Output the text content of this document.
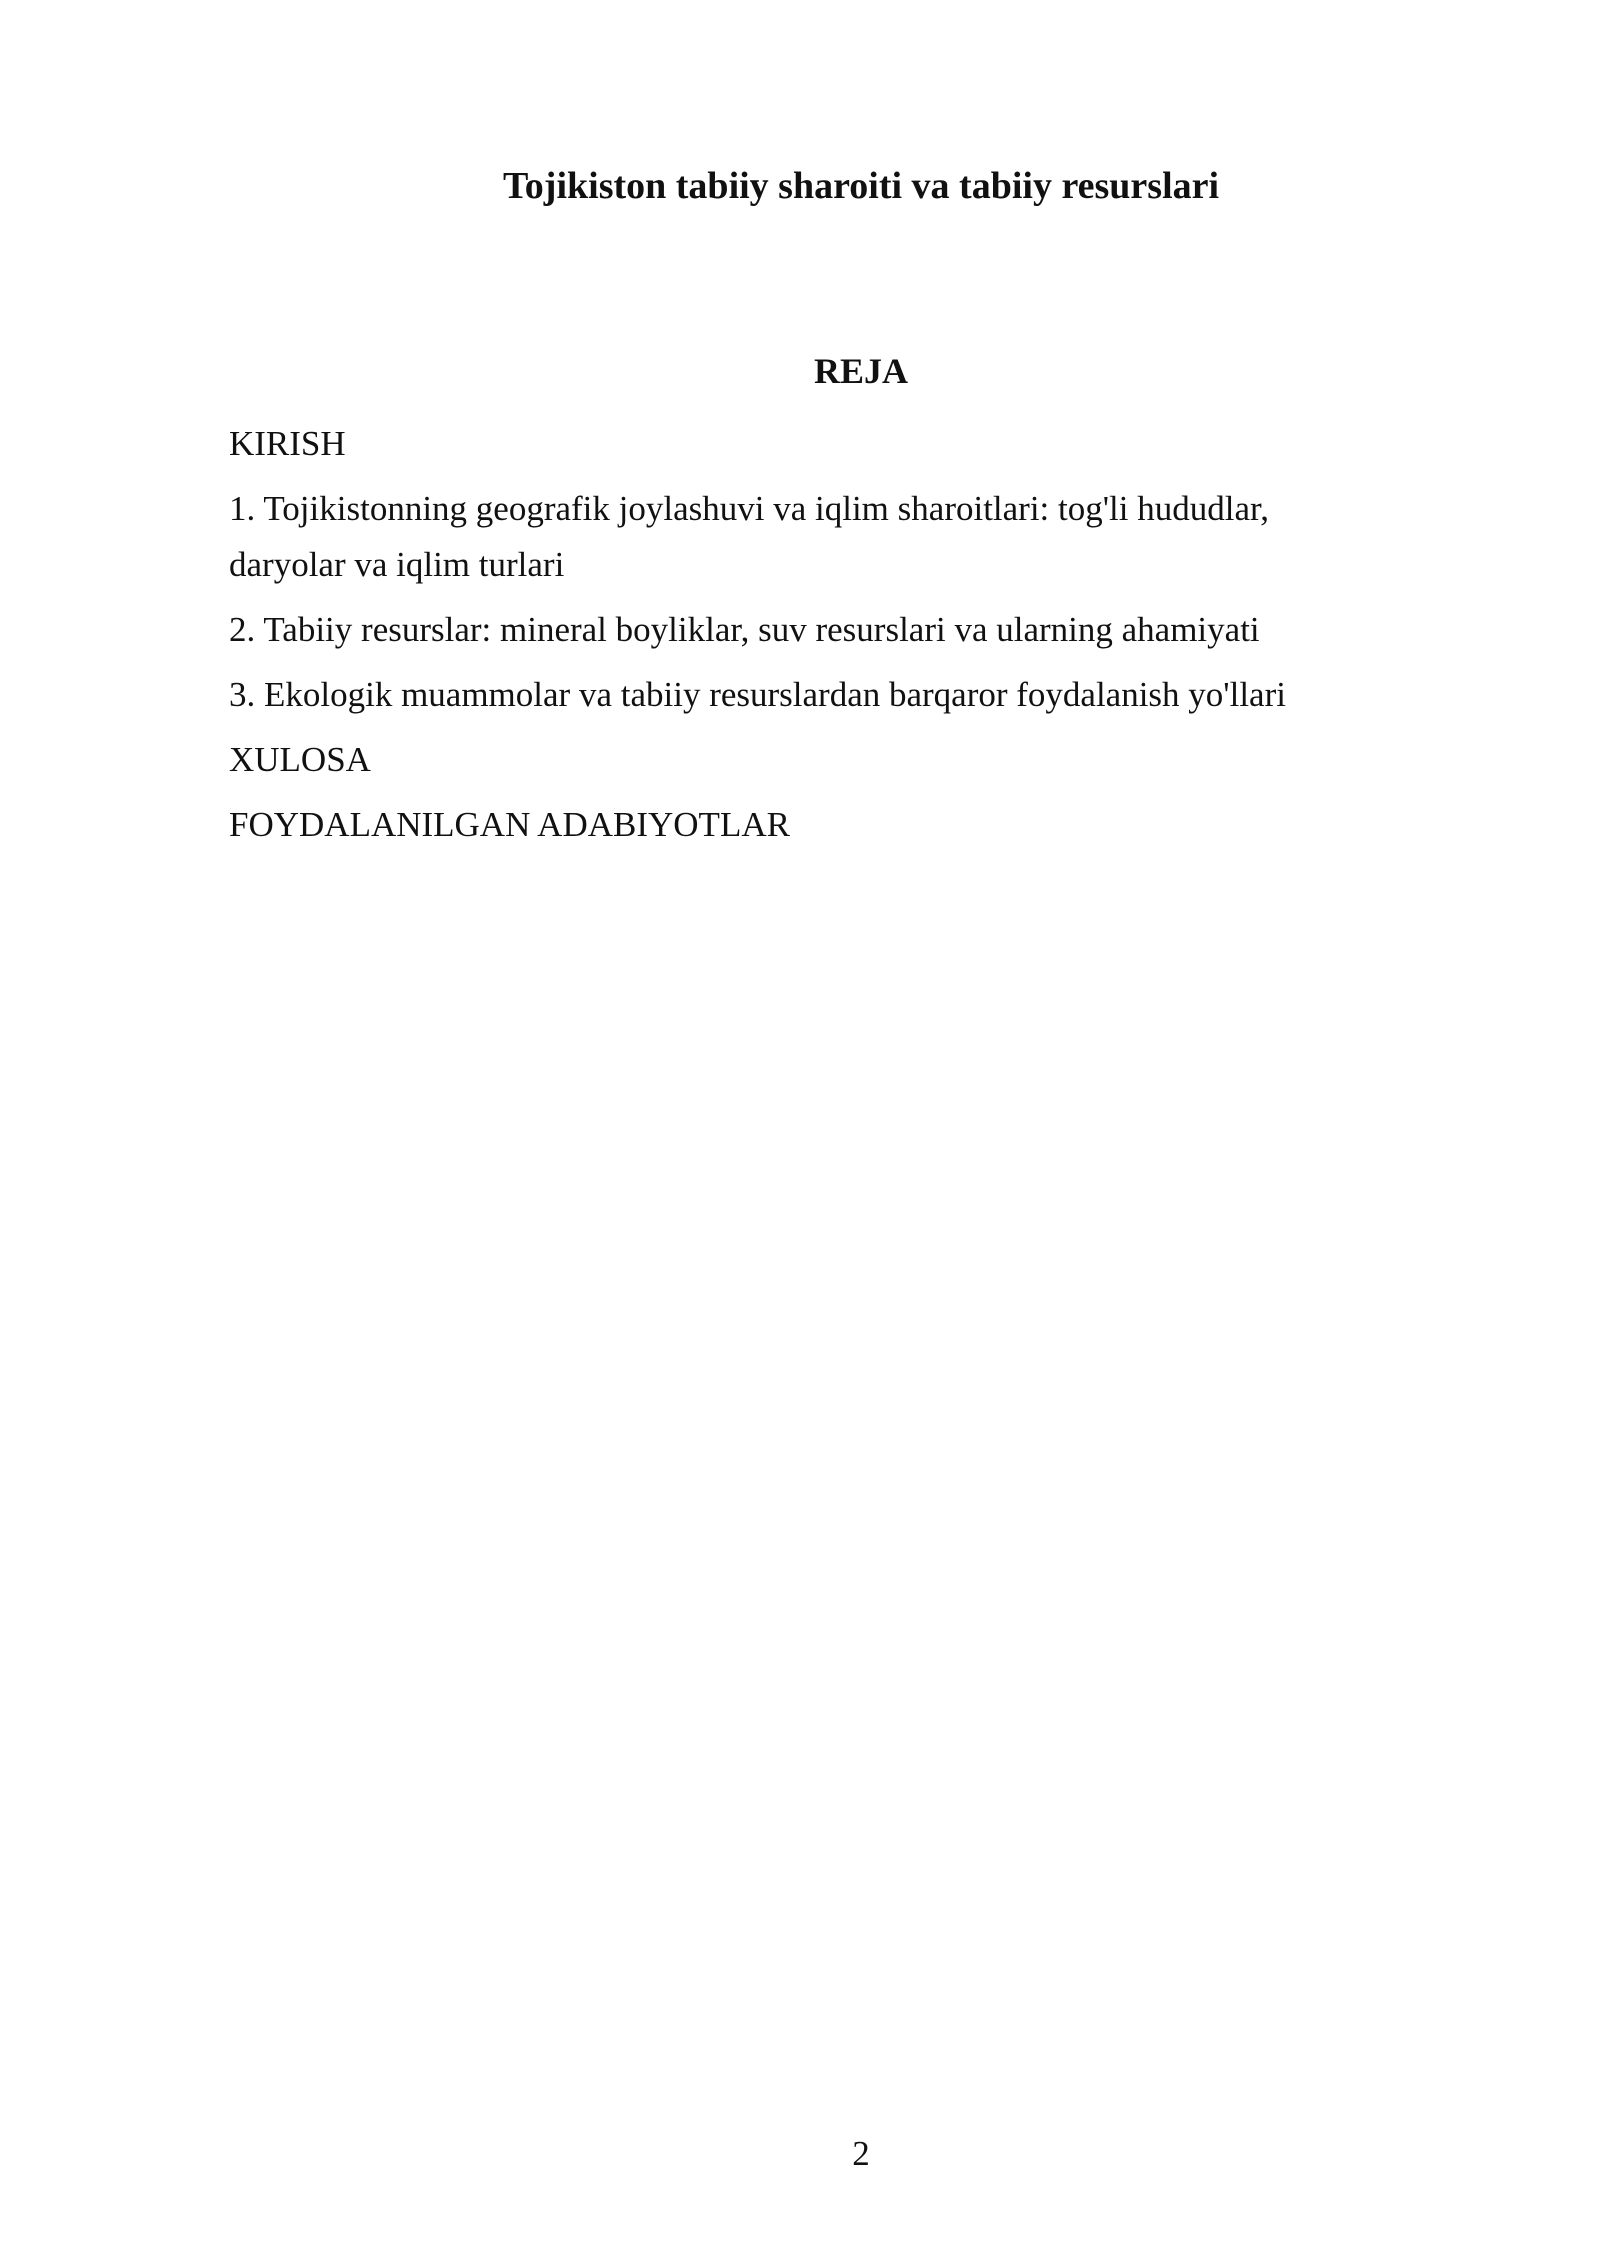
Tojikiston tabiiy sharoiti va tabiiy resurslari
REJA
KIRISH
1. Tojikistonning geografik joylashuvi va iqlim sharoitlari: tog'li hududlar, daryolar va iqlim turlari
2. Tabiiy resurslar: mineral boyliklar, suv resurslari va ularning ahamiyati
3. Ekologik muammolar va tabiiy resurslardan barqaror foydalanish yo'llari
XULOSA
FOYDALANILGAN ADABIYOTLAR
2
